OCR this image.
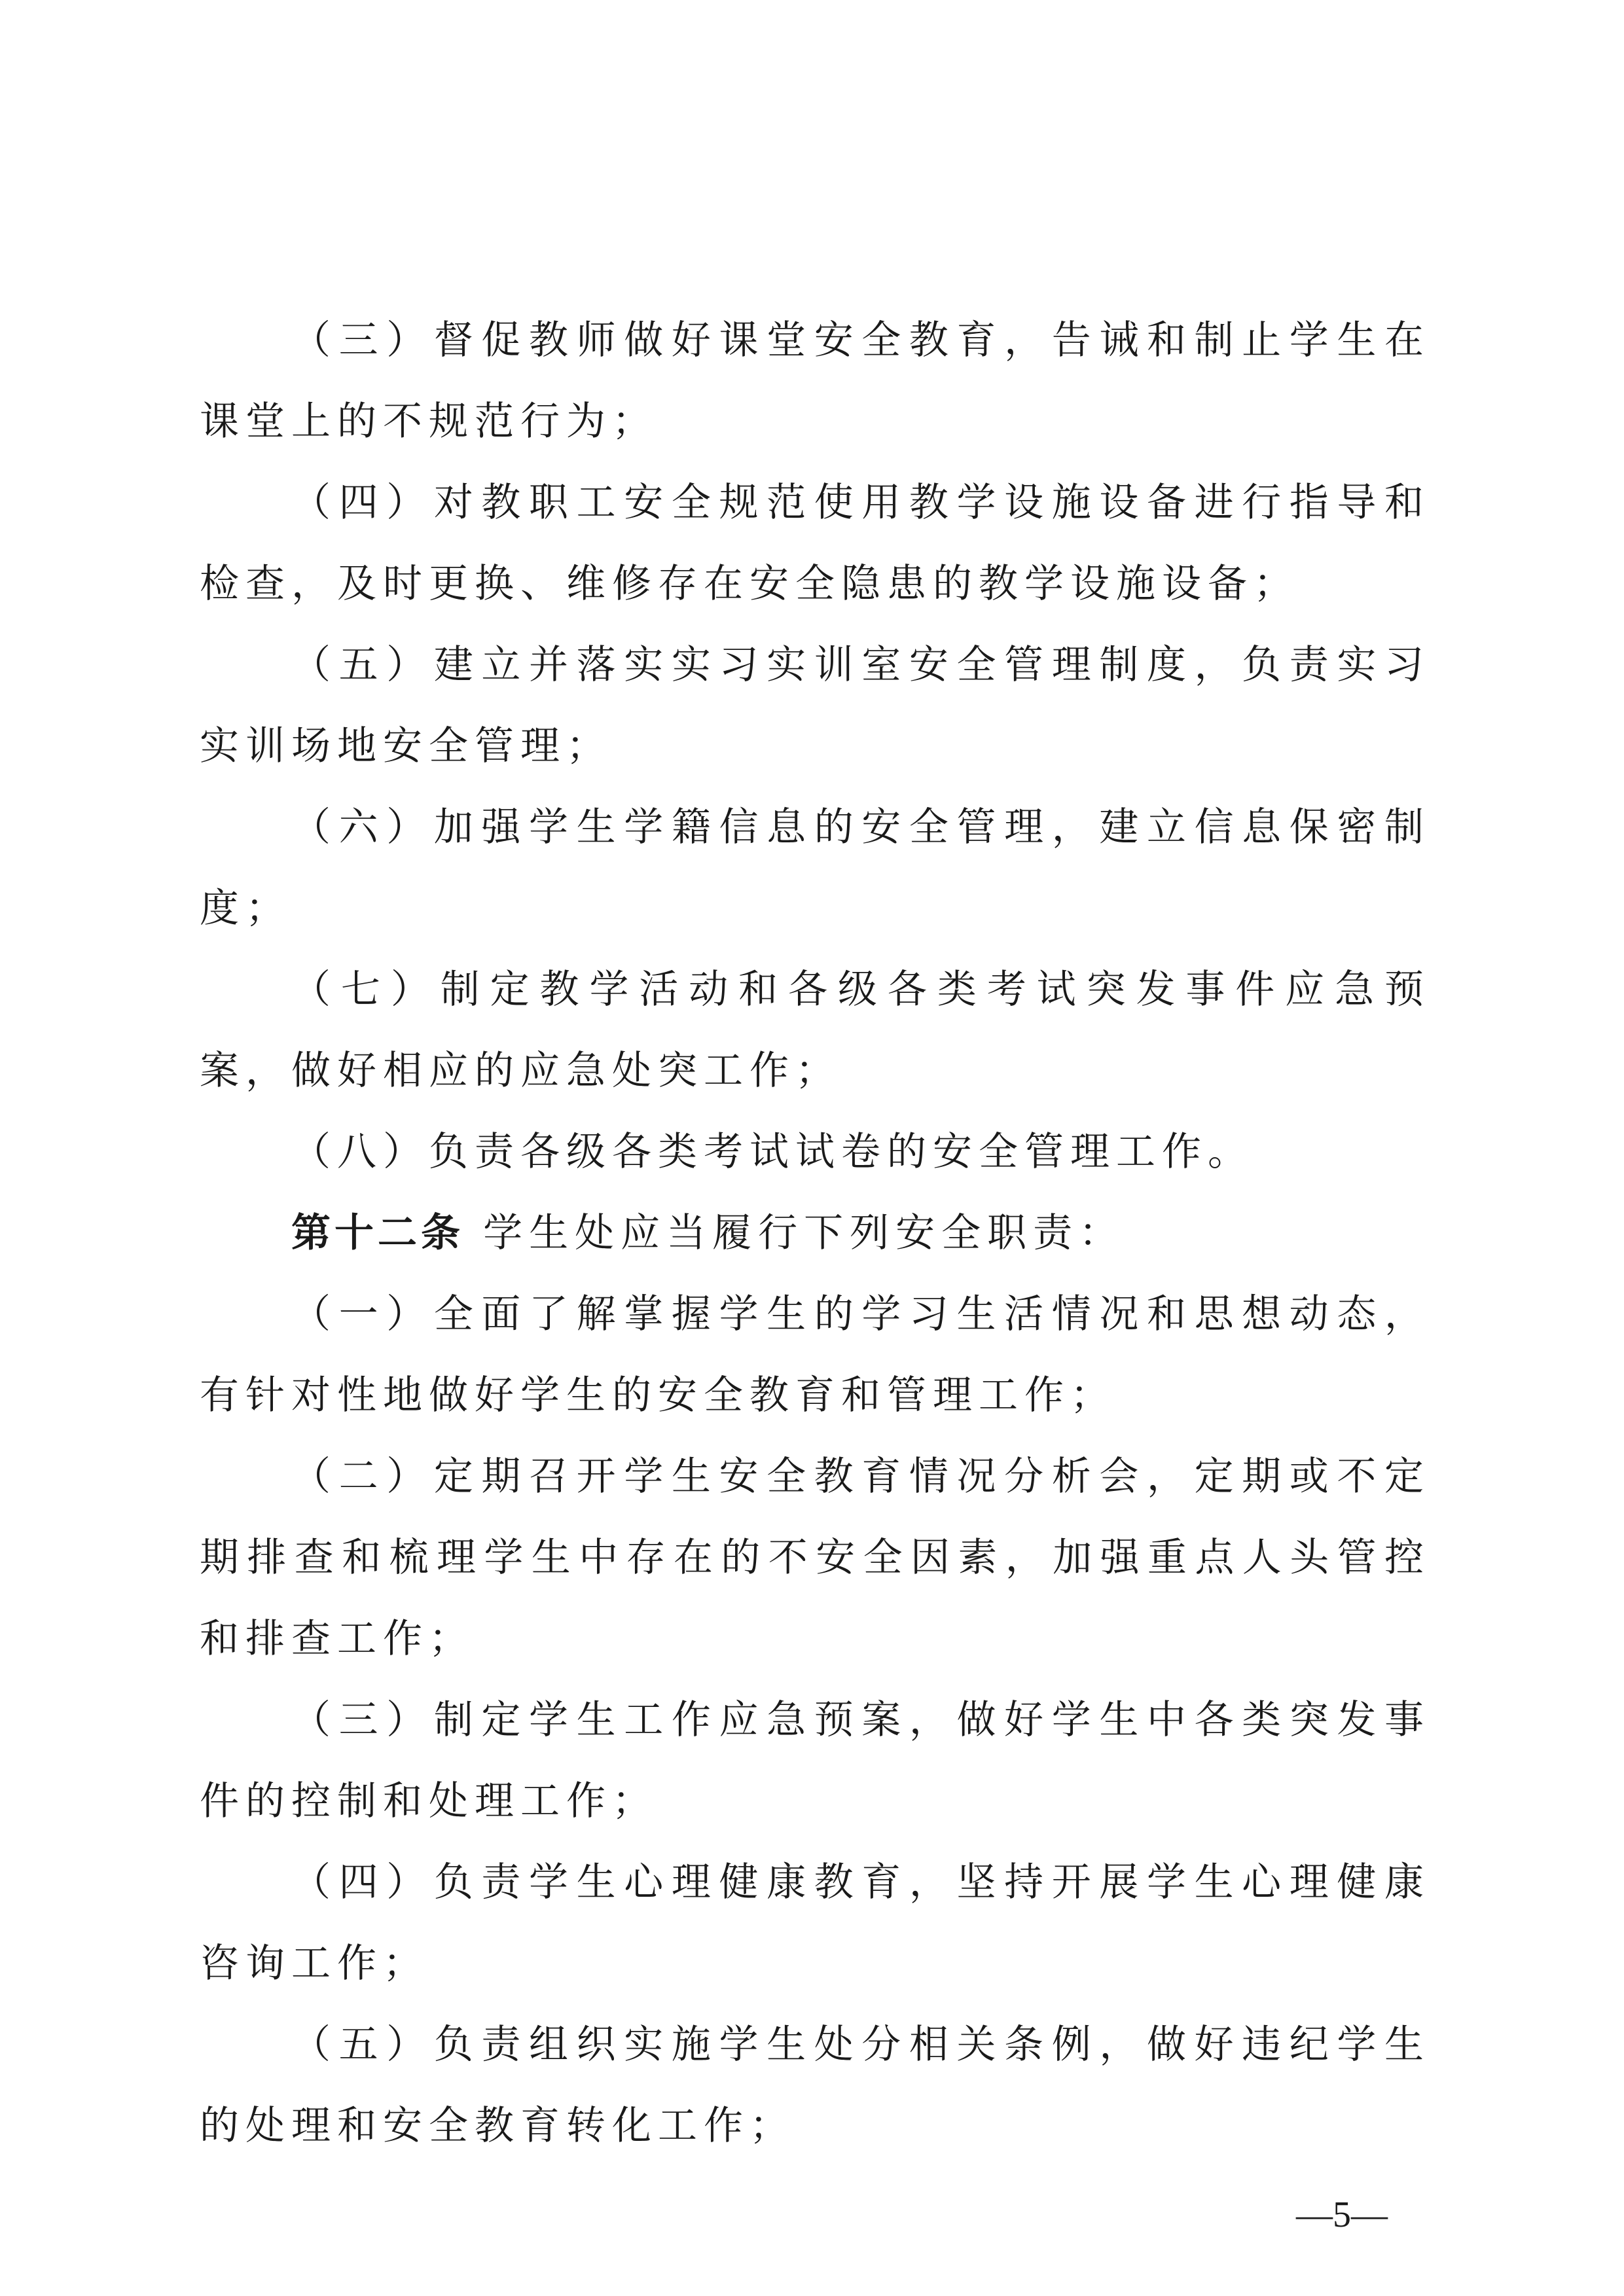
（三）督促教师做好课堂安全教育，告诫和制止学生在课堂上的不规范行为；

（四）对教职工安全规范使用教学设施设备进行指导和检查，及时更换、维修存在安全隐患的教学设施设备；

（五）建立并落实实习实训室安全管理制度，负责实习实训场地安全管理；

（六）加强学生学籍信息的安全管理，建立信息保密制度；

（七）制定教学活动和各级各类考试突发事件应急预案，做好相应的应急处突工作；

（八）负责各级各类考试试卷的安全管理工作。

第十二条 学生处应当履行下列安全职责：

（一）全面了解掌握学生的学习生活情况和思想动态，有针对性地做好学生的安全教育和管理工作；

（二）定期召开学生安全教育情况分析会，定期或不定期排查和梳理学生中存在的不安全因素，加强重点人头管控和排查工作；

（三）制定学生工作应急预案，做好学生中各类突发事件的控制和处理工作；

（四）负责学生心理健康教育，坚持开展学生心理健康咨询工作；

（五）负责组织实施学生处分相关条例，做好违纪学生的处理和安全教育转化工作；

—5—
